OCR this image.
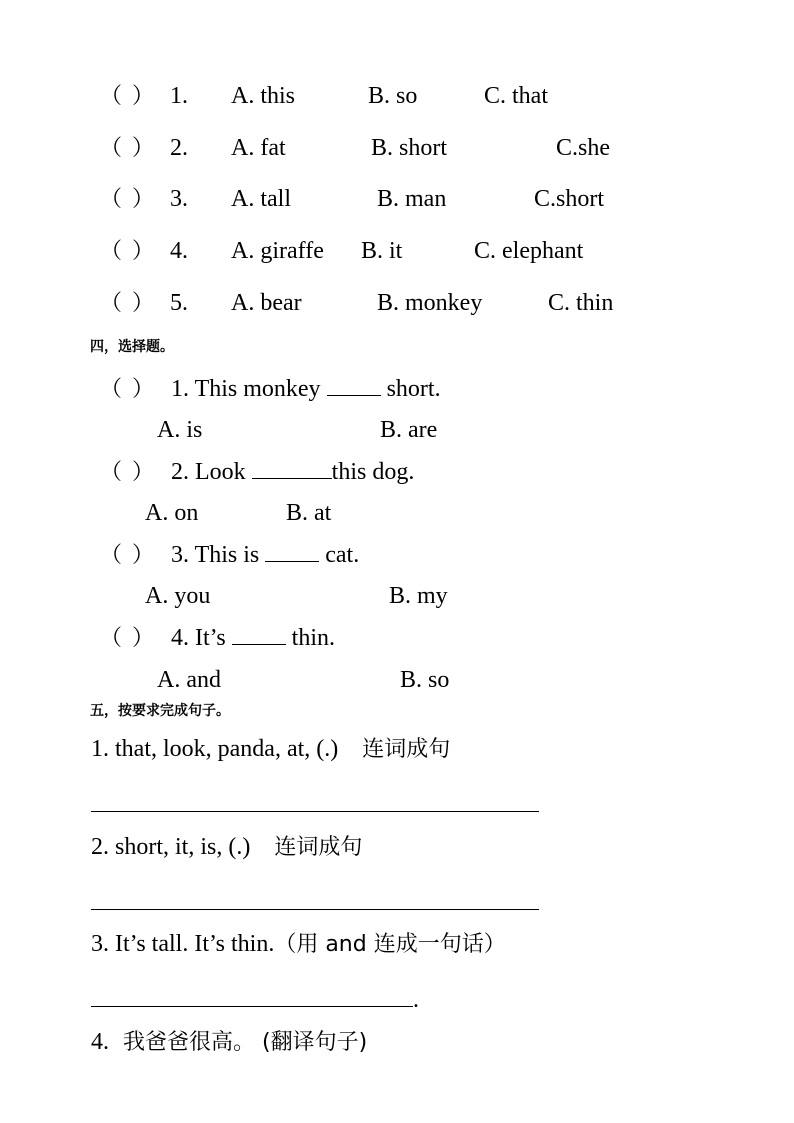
（ ） 1. A. this	B. so	C. that
（ ） 2. A. fat	B. short	C.she
（ ） 3. A. tall	B. man	C.short
（ ） 4. A. giraffe B. it	C. elephant
（ ） 5. A. bear	B. monkey	C. thin
四，选择题。
（ ） 1. This monkey	short.
A. is	B. are
（ ） 2. Look	this dog.
A. on	B. at
（ ） 3. This is	cat.
A. you	B. my
（ ） 4. It’s	thin.
A. and	B. so
五，按要求完成句子。
1. that, look, panda, at, (.) 连词成句
2. short, it, is, (.) 连词成句
3. It’s tall. It’s thin.（用 and 连成一句话）
.
4. 我爸爸很高。 (翻译句子)
